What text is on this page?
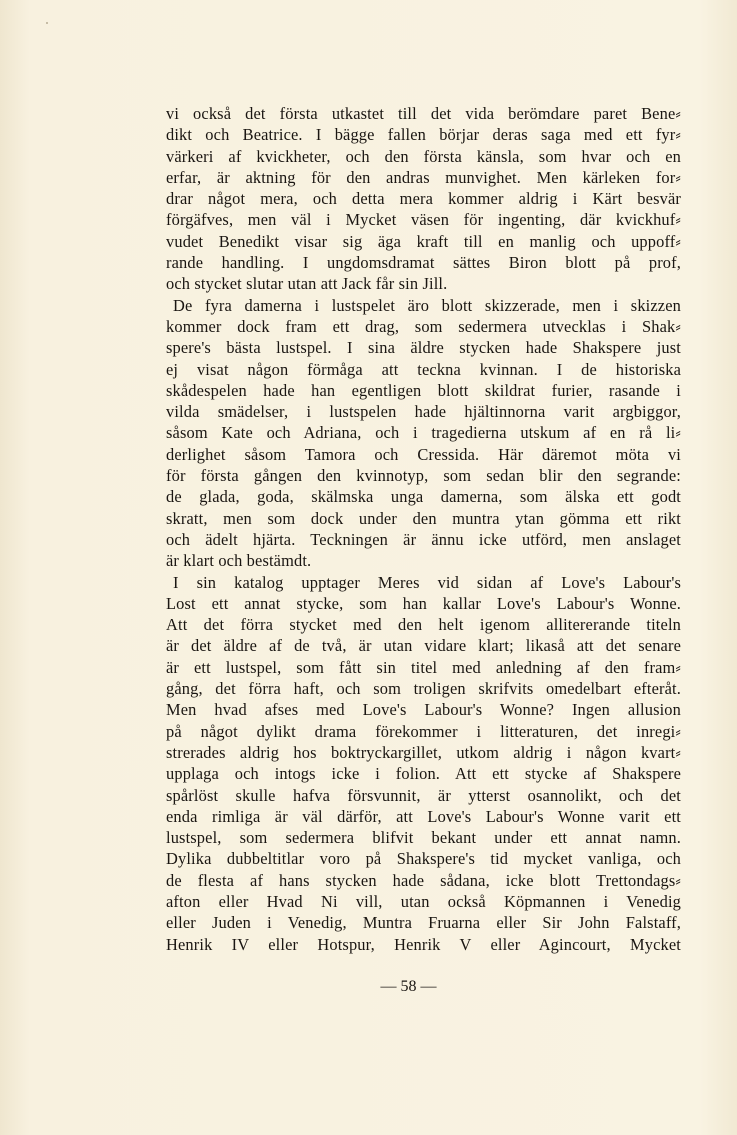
vi också det första utkastet till det vida berömdare paret Bene⸗
dikt och Beatrice. I bägge fallen börjar deras saga med ett fyr⸗
värkeri af kvickheter, och den första känsla, som hvar och en
erfar, är aktning för den andras munvighet. Men kärleken for⸗
drar något mera, och detta mera kommer aldrig i Kärt besvär
förgäfves, men väl i Mycket väsen för ingenting, där kvickhuf⸗
vudet Benedikt visar sig äga kraft till en manlig och uppoff⸗
rande handling. I ungdomsdramat sättes Biron blott på prof,
och stycket slutar utan att Jack får sin Jill.
De fyra damerna i lustspelet äro blott skizzerade, men i skizzen
kommer dock fram ett drag, som sedermera utvecklas i Shak⸗
spere's bästa lustspel. I sina äldre stycken hade Shakspere just
ej visat någon förmåga att teckna kvinnan. I de historiska
skådespelen hade han egentligen blott skildrat furier, rasande i
vilda smädelser, i lustspelen hade hjältinnorna varit argbiggor,
såsom Kate och Adriana, och i tragedierna utskum af en rå li⸗
derlighet såsom Tamora och Cressida. Här däremot möta vi
för första gången den kvinnotyp, som sedan blir den segrande:
de glada, goda, skälmska unga damerna, som älska ett godt
skratt, men som dock under den muntra ytan gömma ett rikt
och ädelt hjärta. Teckningen är ännu icke utförd, men anslaget
är klart och bestämdt.
I sin katalog upptager Meres vid sidan af Love's Labour's
Lost ett annat stycke, som han kallar Love's Labour's Wonne.
Att det förra stycket med den helt igenom allitererande titeln
är det äldre af de två, är utan vidare klart; likaså att det senare
är ett lustspel, som fått sin titel med anledning af den fram⸗
gång, det förra haft, och som troligen skrifvits omedelbart efteråt.
Men hvad afses med Love's Labour's Wonne? Ingen allusion
på något dylikt drama förekommer i litteraturen, det inregi⸗
strerades aldrig hos boktryckargillet, utkom aldrig i någon kvart⸗
upplaga och intogs icke i folion. Att ett stycke af Shakspere
spårlöst skulle hafva försvunnit, är ytterst osannolikt, och det
enda rimliga är väl därför, att Love's Labour's Wonne varit ett
lustspel, som sedermera blifvit bekant under ett annat namn.
Dylika dubbeltitlar voro på Shakspere's tid mycket vanliga, och
de flesta af hans stycken hade sådana, icke blott Trettondags⸗
afton eller Hvad Ni vill, utan också Köpmannen i Venedig
eller Juden i Venedig, Muntra Fruarna eller Sir John Falstaff,
Henrik IV eller Hotspur, Henrik V eller Agincourt, Mycket
— 58 —
